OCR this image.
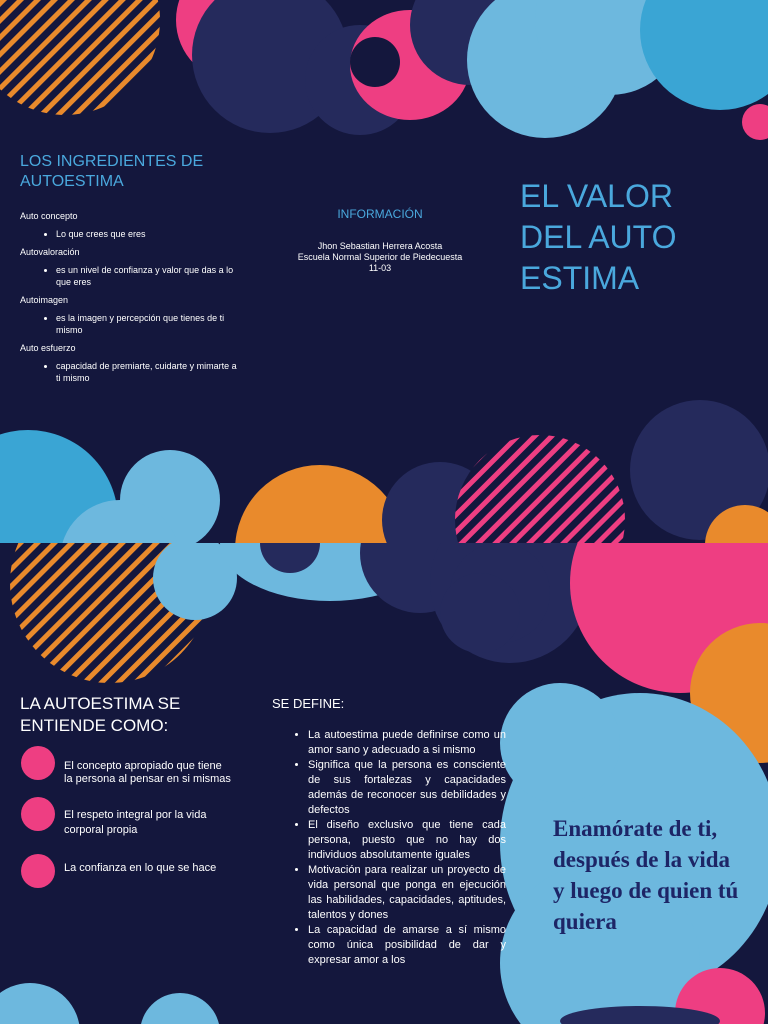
LOS INGREDIENTES DE AUTOESTIMA
Auto concepto
• Lo que crees que eres
Autovaloración
• es un nivel de confianza y valor que das a lo que eres
Autoimagen
• es la imagen y percepción que tienes de ti mismo
Auto esfuerzo
• capacidad de premiarte, cuidarte y mimarte a ti mismo
INFORMACIÓN
Jhon Sebastian Herrera Acosta
Escuela Normal Superior de Piedecuesta
11-03
EL VALOR DEL AUTO ESTIMA
LA AUTOESTIMA SE ENTIENDE COMO:
El concepto apropiado que tiene la persona al pensar en si mismas
El respeto integral por la vida corporal propia
La confianza en lo que se hace
SE DEFINE:
• La autoestima puede definirse como un amor sano y adecuado a si mismo
• Significa que la persona es consciente de sus fortalezas y capacidades además de reconocer sus debilidades y defectos
• El diseño exclusivo que tiene cada persona, puesto que no hay dos individuos absolutamente iguales
• Motivación para realizar un proyecto de vida personal que ponga en ejecución las habilidades, capacidades, aptitudes, talentos y dones
• La capacidad de amarse a sí mismo como única posibilidad de dar y expresar amor a los
Enamórate de ti, después de la vida y luego de quien tú quiera
